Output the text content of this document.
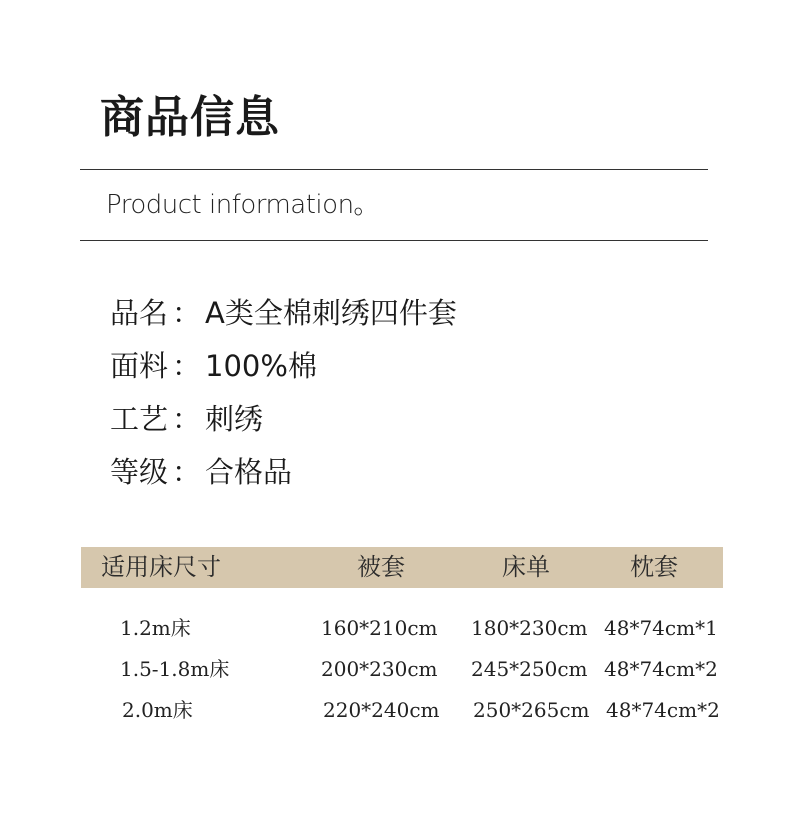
商品信息
Product information。
品名 ： A类全棉刺绣四件套
面料 ： 100%棉
工艺 ： 刺绣
等级 ： 合格品
适用床尺寸	被套	床单	枕套
1.2m床	160*210cm 180*230cm 48*74cm*1
1.5-1.8m床	200*230cm 245*250cm 48*74cm*2
2.0m床	220*240cm 250*265cm 48*74cm*2
